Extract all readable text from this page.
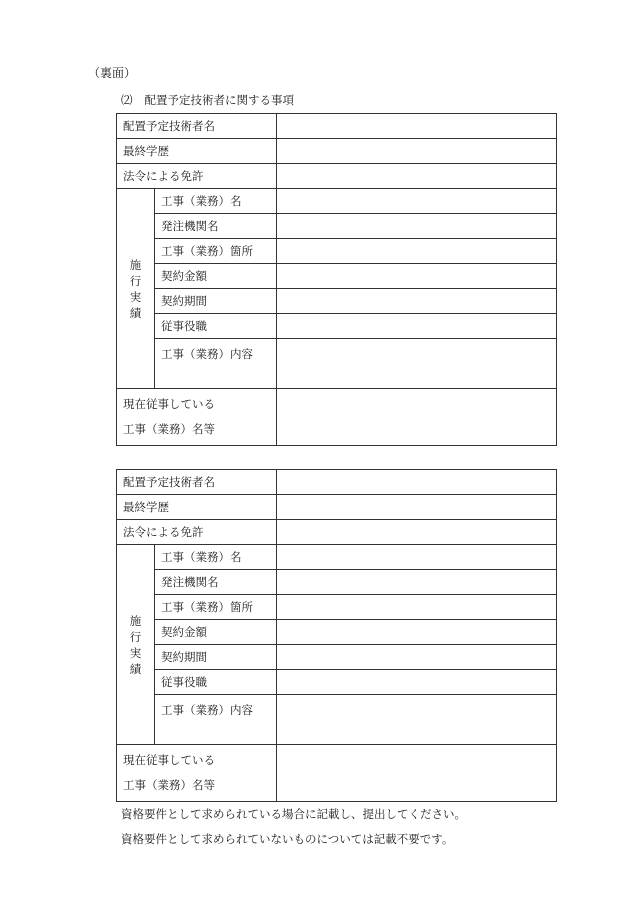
（裏面）
⑵ 配置予定技術者に関する事項
配置予定技術者名		
最終学歴		
法令による免許		
施行実績	工事（業務）名	
	発注機関名	
	工事（業務）箇所	
	契約金額	
	契約期間	
	従事役職	
	工事（業務）内容	

現在従事している
工事（業務）名等		

配置予定技術者名		
最終学歴		
法令による免許		
施行実績	工事（業務）名	
	発注機関名	
	工事（業務）箇所	
	契約金額	
	契約期間	
	従事役職	
	工事（業務）内容	

現在従事している
工事（業務）名等		

資格要件として求められている場合に記載し、提出してください。
資格要件として求められていないものについては記載不要です。
